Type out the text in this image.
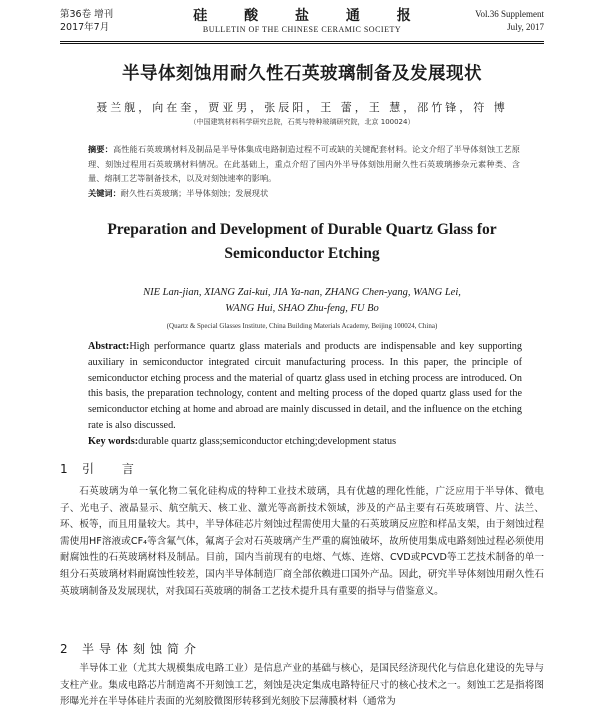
第36卷 增刊
2017年7月
硅 酸 盐 通 报
BULLETIN OF THE CHINESE CERAMIC SOCIETY
Vol.36 Supplement
July, 2017
半导体刻蚀用耐久性石英玻璃制备及发展现状
聂兰舰，向在奎，贾亚男，张辰阳，王 蕾，王 慧，邵竹锋，符 博
（中国建筑材料科学研究总院，石英与特种玻璃研究院，北京 100024）
摘要：高性能石英玻璃材料及制品是半导体集成电路制造过程不可或缺的关键配套材料。论文介绍了半导体刻蚀工艺原理、刻蚀过程用石英玻璃材料情况。在此基础上，重点介绍了国内外半导体刻蚀用耐久性石英玻璃掺杂元素种类、含量、熔制工艺等制备技术，以及对刻蚀速率的影响。
关键词：耐久性石英玻璃；半导体刻蚀；发展现状
Preparation and Development of Durable Quartz Glass for
Semiconductor Etching
NIE Lan-jian, XIANG Zai-kui, JIA Ya-nan, ZHANG Chen-yang, WANG Lei,
WANG Hui, SHAO Zhu-feng, FU Bo
(Quartz & Special Glasses Institute, China Building Materials Academy, Beijing 100024, China)
Abstract:High performance quartz glass materials and products are indispensable and key supporting auxiliary in semiconductor integrated circuit manufacturing process. In this paper, the principle of semiconductor etching process and the material of quartz glass used in etching process are introduced. On this basis, the preparation technology, content and melting process of the doped quartz glass used for the semiconductor etching at home and abroad are mainly discussed in detail, and the influence on the etching rate is also discussed.
Key words:durable quartz glass;semiconductor etching;development status
1 引 言

石英玻璃为单一氧化物二氧化硅构成的特种工业技术玻璃，具有优越的理化性能，广泛应用于半导体、微电子、光电子、液晶显示、航空航天、核工业、激光等高新技术领域，涉及的产品主要有石英玻璃管、片、法兰、环、板等，而且用量较大。其中，半导体硅芯片刻蚀过程需使用大量的石英玻璃反应腔和样品支架，由于刻蚀过程需使用HF溶液或CF₄等含氟气体，氟离子会对石英玻璃产生严重的腐蚀破坏，故所使用集成电路刻蚀过程必须使用耐腐蚀性的石英玻璃材料及制品。目前，国内当前现有的电熔、气炼、连熔、CVD或PCVD等工艺技术制备的单一组分石英玻璃材料耐腐蚀性较差，国内半导体制造厂商全部依赖进口国外产品。因此，研究半导体刻蚀用耐久性石英玻璃制备及发展现状，对我国石英玻璃的制备工艺技术提升具有重要的指导与借鉴意义。

2 半导体刻蚀简介

半导体工业（尤其大规模集成电路工业）是信息产业的基础与核心，是国民经济现代化与信息化建设的先导与支柱产业。集成电路芯片制造离不开刻蚀工艺，刻蚀是决定集成电路特征尺寸的核心技术之一。刻蚀工艺是指将图形曝光并在半导体硅片表面的光刻胶微图形转移到光刻胶下层薄膜材料（通常为
